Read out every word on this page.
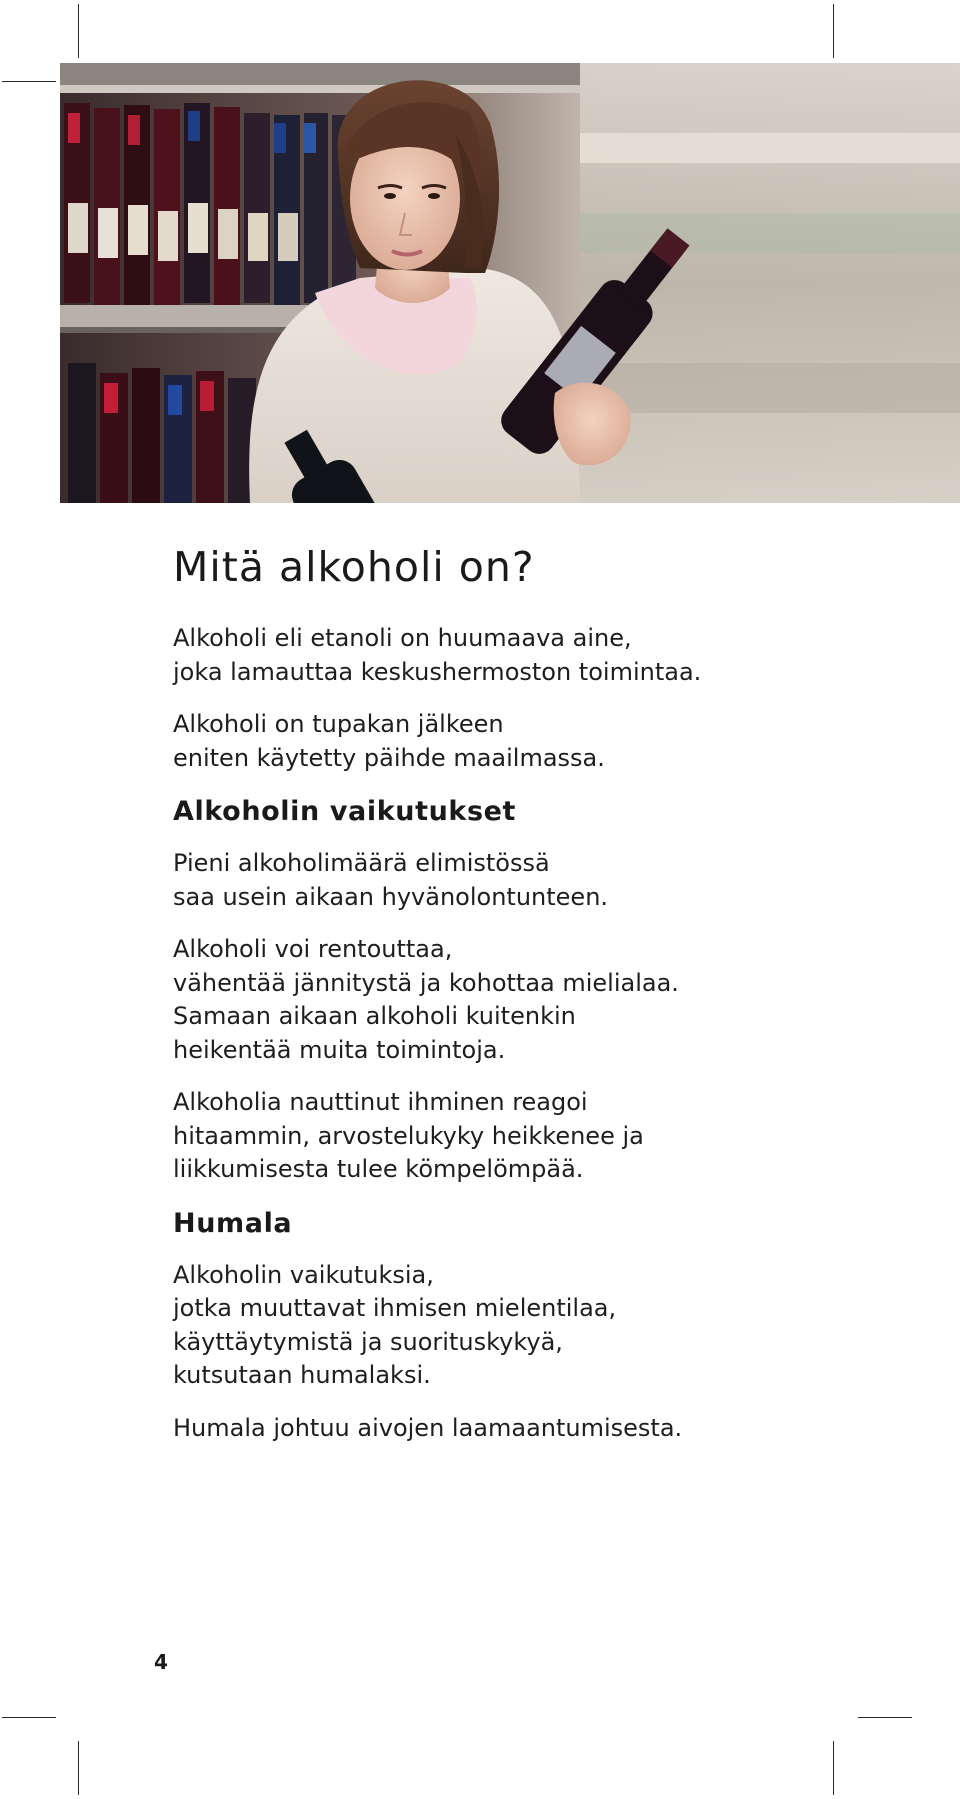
Mitä alkoholi on?

Alkoholi eli etanoli on huumaava aine,
joka lamauttaa keskushermoston toimintaa.

Alkoholi on tupakan jälkeen
eniten käytetty päihde maailmassa.

Alkoholin vaikutukset

Pieni alkoholimäärä elimistössä
saa usein aikaan hyvänolontunteen.

Alkoholi voi rentouttaa,
vähentää jännitystä ja kohottaa mielialaa.
Samaan aikaan alkoholi kuitenkin
heikentää muita toimintoja.

Alkoholia nauttinut ihminen reagoi
hitaammin, arvostelukyky heikkenee ja
liikkumisesta tulee kömpelömpää.

Humala

Alkoholin vaikutuksia,
jotka muuttavat ihmisen mielentilaa,
käyttäytymistä ja suorituskykyä,
kutsutaan humalaksi.

Humala johtuu aivojen laamaantumisesta.

4
